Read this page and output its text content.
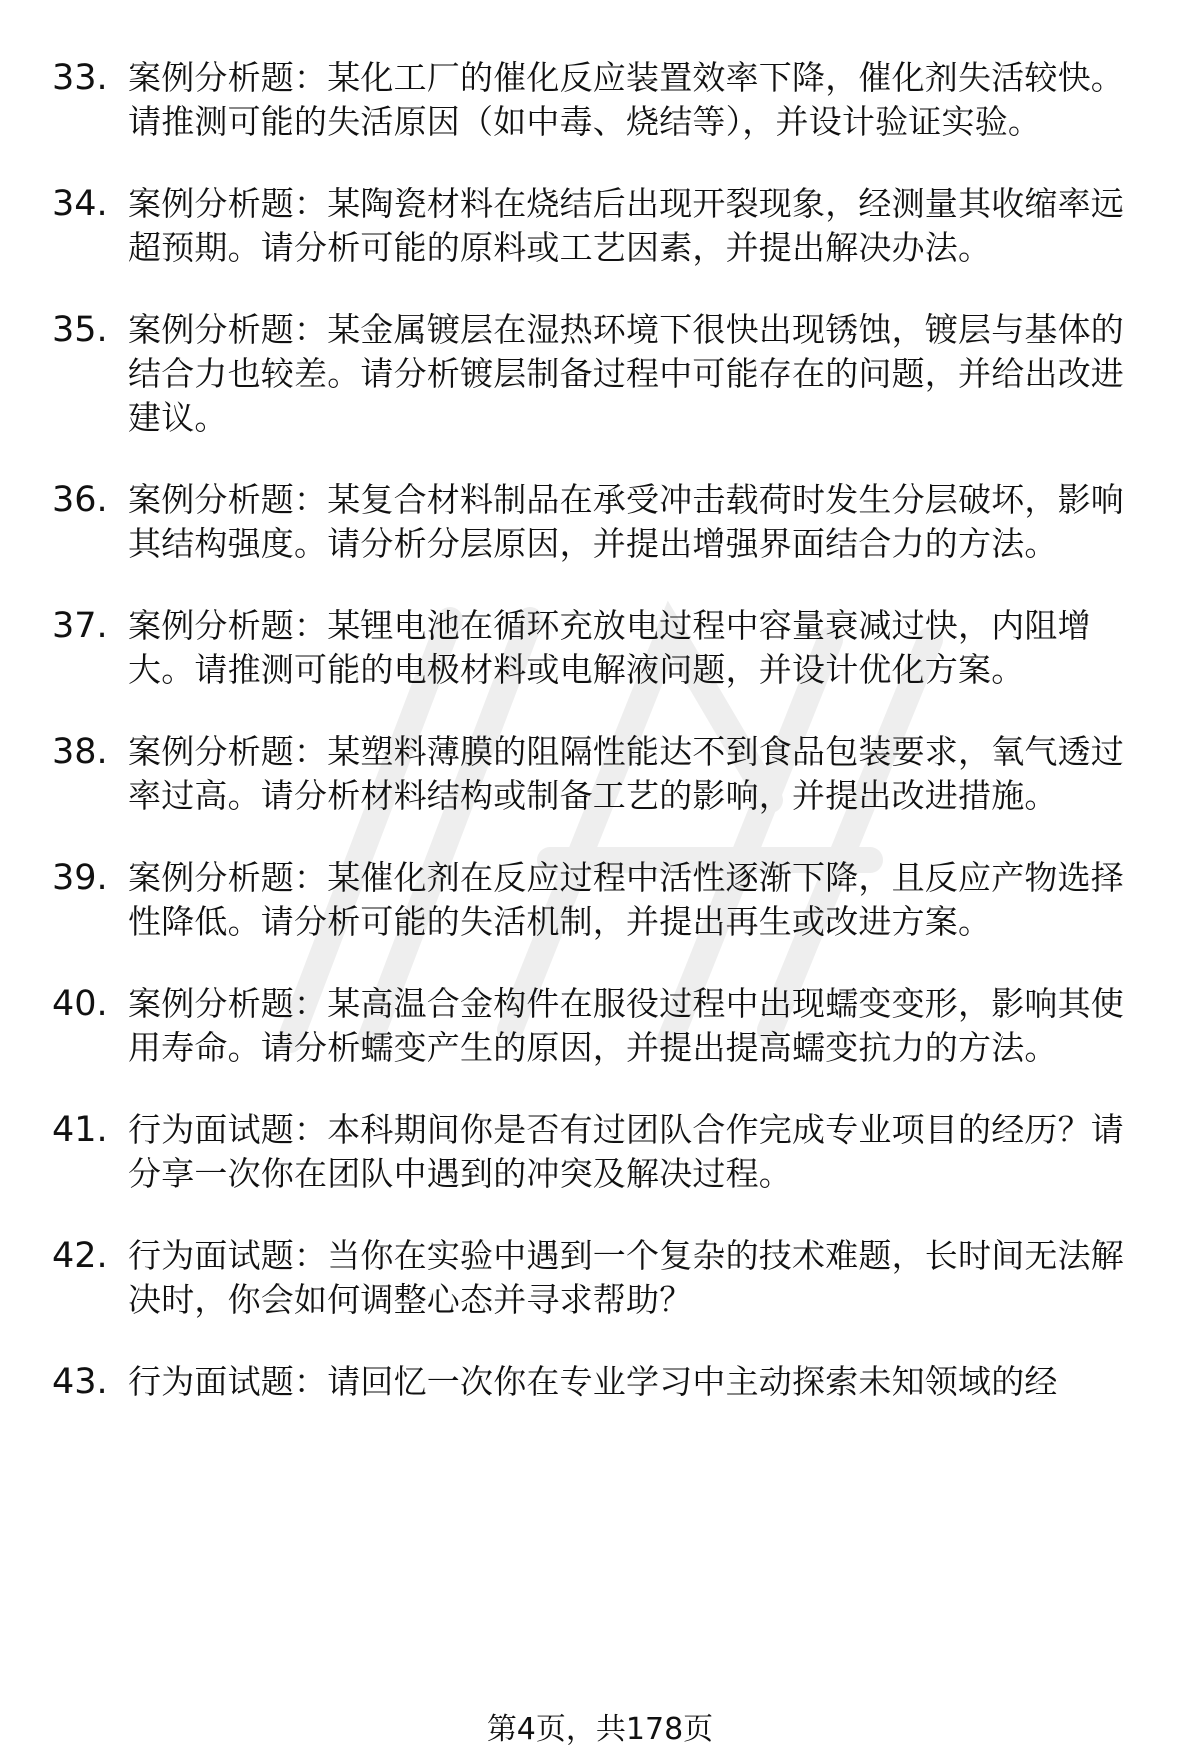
33. 案例分析题：某化工厂的催化反应装置效率下降，催化剂失活较快。请推测可能的失活原因（如中毒、烧结等），并设计验证实验。
34. 案例分析题：某陶瓷材料在烧结后出现开裂现象，经测量其收缩率远超预期。请分析可能的原料或工艺因素，并提出解决办法。
35. 案例分析题：某金属镀层在湿热环境下很快出现锈蚀，镀层与基体的结合力也较差。请分析镀层制备过程中可能存在的问题，并给出改进建议。
36. 案例分析题：某复合材料制品在承受冲击载荷时发生分层破坏，影响其结构强度。请分析分层原因，并提出增强界面结合力的方法。
37. 案例分析题：某锂电池在循环充放电过程中容量衰减过快，内阻增大。请推测可能的电极材料或电解液问题，并设计优化方案。
38. 案例分析题：某塑料薄膜的阻隔性能达不到食品包装要求，氧气透过率过高。请分析材料结构或制备工艺的影响，并提出改进措施。
39. 案例分析题：某催化剂在反应过程中活性逐渐下降，且反应产物选择性降低。请分析可能的失活机制，并提出再生或改进方案。
40. 案例分析题：某高温合金构件在服役过程中出现蠕变变形，影响其使用寿命。请分析蠕变产生的原因，并提出提高蠕变抗力的方法。
41. 行为面试题：本科期间你是否有过团队合作完成专业项目的经历？请分享一次你在团队中遇到的冲突及解决过程。
42. 行为面试题：当你在实验中遇到一个复杂的技术难题，长时间无法解决时，你会如何调整心态并寻求帮助？
43. 行为面试题：请回忆一次你在专业学习中主动探索未知领域的经
第4页，共178页
